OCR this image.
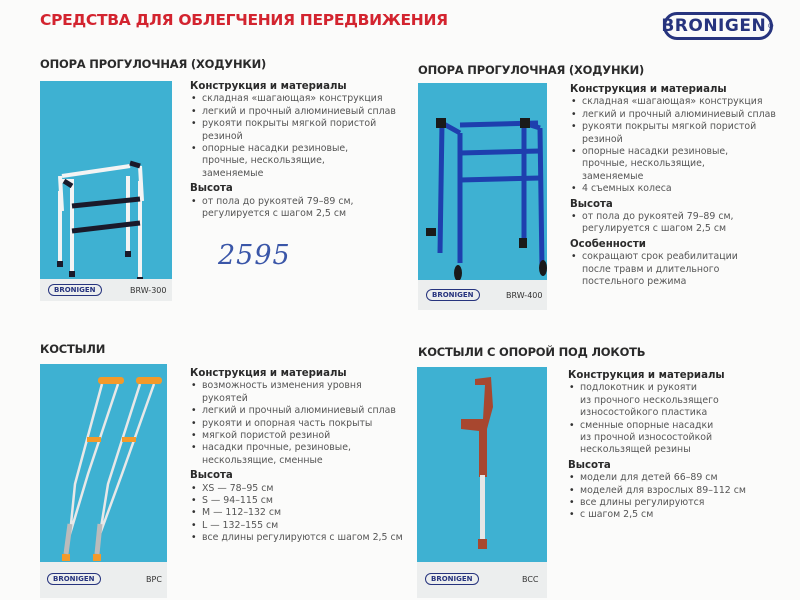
СРЕДСТВА ДЛЯ ОБЛЕГЧЕНИЯ ПЕРЕДВИЖЕНИЯ	BRONIGEN ®
ОПОРА ПРОГУЛОЧНАЯ (ХОДУНКИ)
BRONIGEN	BRW-300
Конструкция и материалы
• складная «шагающая» конструкция
• легкий и прочный алюминиевый сплав
• рукояти покрыты мягкой пористой
резиной
• опорные насадки резиновые,
прочные, нескользящие,
заменяемые
Высота
• от пола до рукоятей 79–89 см,
регулируется с шагом 2,5 см
2595
ОПОРА ПРОГУЛОЧНАЯ (ХОДУНКИ)
BRONIGEN	BRW-400
Конструкция и материалы
• складная «шагающая» конструкция
• легкий и прочный алюминиевый сплав
• рукояти покрыты мягкой пористой
резиной
• опорные насадки резиновые,
прочные, нескользящие,
заменяемые
• 4 съемных колеса
Высота
• от пола до рукоятей 79–89 см,
регулируется с шагом 2,5 см
Особенности
• сокращают срок реабилитации
после травм и длительного
постельного режима
КОСТЫЛИ
BRONIGEN	BPC
Конструкция и материалы
• возможность изменения уровня
рукоятей
• легкий и прочный алюминиевый сплав
• рукояти и опорная часть покрыты
• мягкой пористой резиной
• насадки прочные, резиновые,
нескользящие, сменные
Высота
• XS — 78–95 см
• S — 94–115 см
• M — 112–132 см
• L — 132–155 см
• все длины регулируются с шагом 2,5 см
КОСТЫЛИ С ОПОРОЙ ПОД ЛОКОТЬ
BRONIGEN	BCC
Конструкция и материалы
• подлокотник и рукояти
из прочного нескользящего
износостойкого пластика
• сменные опорные насадки
из прочной износостойкой
нескользящей резины
Высота
• модели для детей 66–89 см
• моделей для взрослых 89–112 см
• все длины регулируются
• с шагом 2,5 см
